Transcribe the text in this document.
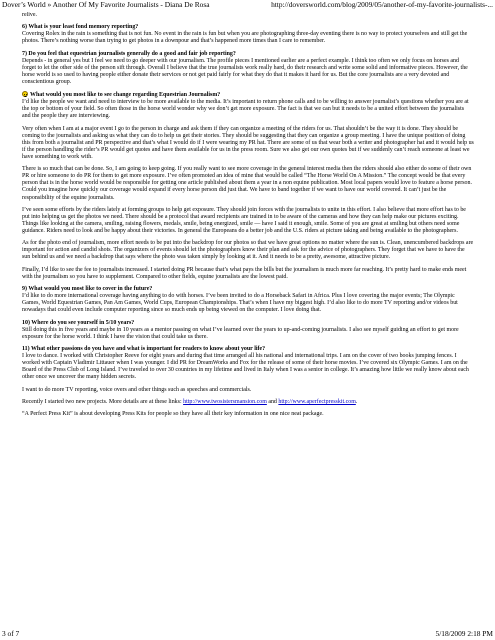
Dover’s World » Another Of My Favorite Journalists - Diana De Rosa	http://doversworld.com/blog/2009/05/another-of-my-favorite-journalists-...

relive.

6) What is your least fond memory reporting?

Covering Rolex in the rain is something that is not fun. No event in the rain is fun but when you are photographing three-day eventing there is no way to protect yourselves and still get the photos. There’s nothing worse than trying to get photos in a downpour and that’s happened more times than I care to remember.

7) Do you feel that equestrian journalists generally do a good and fair job reporting?

Depends - in general yes but I feel we need to go deeper with our journalism. The profile pieces I mentioned earlier are a perfect example. I think too often we only focus on horses and forget to let the other side of the person sift through. Overall I believe that the true journalists work really hard, do their research and write some solid and informative pieces. However, the horse world is so used to having people either donate their services or not get paid fairly for what they do that it makes it hard for us. But the core journalists are a very devoted and conscientious group.

What would you most like to see change regarding Equestrian Journalism?

I’d like the people we want and need to interview to be more available to the media. It’s important to return phone calls and to be willing to answer journalist’s questions whether you are at the top or bottom of your field. So often those in the horse world wonder why we don’t get more exposure. The fact is that we can but it needs to be a united effort between the journalists and the people they are interviewing.

Very often when I am at a major event I go to the person in charge and ask them if they can organize a meeting of the riders for us. That shouldn’t be the way it is done. They should be coming to the journalists and asking us what they can do to help us get their stories. They should be suggesting that they can organize a group meeting. I have the unique position of doing this from both a journalist and PR perspective and that’s what I would do if I were wearing my PR hat. There are some of us that wear both a writer and photographer hat and it would help us if the person handling the rider’s PR would get quotes and have them available for us in the press room. Sure we also get our own quotes but if we suddenly can’t reach someone at least we have something to work with.

There is so much that can be done. So, I am going to keep going. If you really want to see more coverage in the general interest media then the riders should also either do some of their own PR or hire someone to do PR for them to get more exposure. I’ve often promoted an idea of mine that would be called “The Horse World On A Mission.” The concept would be that every person that is in the horse world would be responsible for getting one article published about them a year in a non equine publication. Most local papers would love to feature a horse person. Could you imagine how quickly our coverage would expand if every horse person did just that. We have to band together if we want to have our world covered. It can’t just be the responsibility of the equine journalists.

I’ve seen some efforts by the riders lately at forming groups to help get exposure. They should join forces with the journalists to unite in this effort. I also believe that more effort has to be put into helping us get the photos we need. There should be a protocol that award recipients are trained in to be aware of the cameras and how they can help make our pictures exciting. Things like looking at the camera, smiling, raising flowers, medals, smile, being energized, smile — have I said it enough, smile. Some of you are great at smiling but others need some guidance. Riders need to look and be happy about their victories. In general the Europeans do a better job and the U.S. riders at picture taking and being available to the photographers.

As for the photo end of journalism, more effort needs to be put into the backdrop for our photos so that we have great options no matter where the sun is. Clean, unencumbered backdrops are important for action and candid shots. The organizers of events should let the photographers know their plan and ask for the advice of photographers. They forget that we have to have the sun behind us and we need a backdrop that says where the photo was taken simply by looking at it. And it needs to be a pretty, awesome, attractive picture.

Finally, I’d like to see the fee to journalists increased. I started doing PR because that’s what pays the bills but the journalism is much more far reaching. It’s pretty hard to make ends meet with the journalism so you have to supplement. Compared to other fields, equine journalists are the lowest paid.

9) What would you most like to cover in the future?

I’d like to do more international coverage having anything to do with horses. I’ve been invited to do a Horseback Safari in Africa. Plus I love covering the major events; The Olympic Games, World Equestrian Games, Pan Am Games, World Cups, European Championships. That’s when I have my biggest high. I’d also like to do more TV reporting and/or videos but nowadays that could even include computer reporting since so much ends up being viewed on the computer. I love doing that.

10) Where do you see yourself in 5/10 years?

Still doing this in five years and maybe in 10 years as a mentor passing on what I’ve learned over the years to up-and-coming journalists. I also see myself guiding an effort to get more exposure for the horse world. I think I have the vision that could take us there.

11) What other passions do you have and what is important for readers to know about your life?

I love to dance. I worked with Christopher Reeve for eight years and during that time arranged all his national and international trips. I am on the cover of two books jumping fences. I worked with Captain Vladimir Littauer when I was younger. I did PR for DreamWorks and Fox for the release of some of their horse movies. I’ve covered six Olympic Games. I am on the Board of the Press Club of Long Island. I’ve traveled to over 30 countries in my lifetime and lived in Italy when I was a senior in college. It’s amazing how little we really know about each other once we uncover the many hidden secrets.

I want to do more TV reporting, voice overs and other things such as speeches and commercials.

Recently I started two new projects. More details are at these links: http://www.twosistersmansion.com and http://www.aperfectpresskit.com.

“A Perfect Press Kit” is about developing Press Kits for people so they have all their key information in one nice neat package.

3 of 7	5/18/2009 2:18 PM
